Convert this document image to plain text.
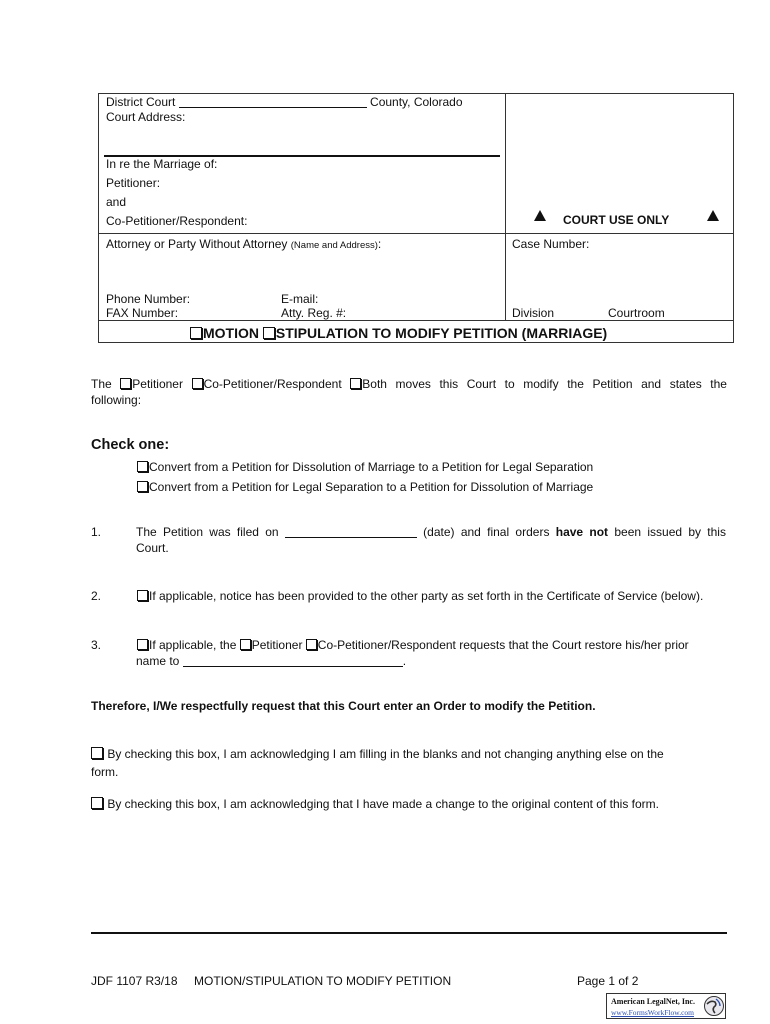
District Court	County, Colorado
Court Address:
In re the Marriage of:
Petitioner:
and
Co-Petitioner/Respondent:	COURT USE ONLY
Attorney or Party Without Attorney (Name and Address):	Case Number:
Phone Number:	E-mail:
FAX Number:	Atty. Reg. #:	Division	Courtroom
MOTION STIPULATION TO MODIFY PETITION (MARRIAGE)
The Petitioner Co-Petitioner/Respondent Both moves this Court to modify the Petition and states the
following:
Check one:
Convert from a Petition for Dissolution of Marriage to a Petition for Legal Separation
Convert from a Petition for Legal Separation to a Petition for Dissolution of Marriage
1.	The Petition was filed on	(date) and final orders have not been issued by this
Court.
2.	If applicable, notice has been provided to the other party as set forth in the Certificate of Service (below).
3.	If applicable, the Petitioner Co-Petitioner/Respondent requests that the Court restore his/her prior
name to	.
Therefore, I/We respectfully request that this Court enter an Order to modify the Petition.
By checking this box, I am acknowledging I am filling in the blanks and not changing anything else on the
form.
By checking this box, I am acknowledging that I have made a change to the original content of this form.
JDF 1107 R3/18 MOTION/STIPULATION TO MODIFY PETITION	Page 1 of 2
American LegalNet, Inc.
www.FormsWorkFlow.com
